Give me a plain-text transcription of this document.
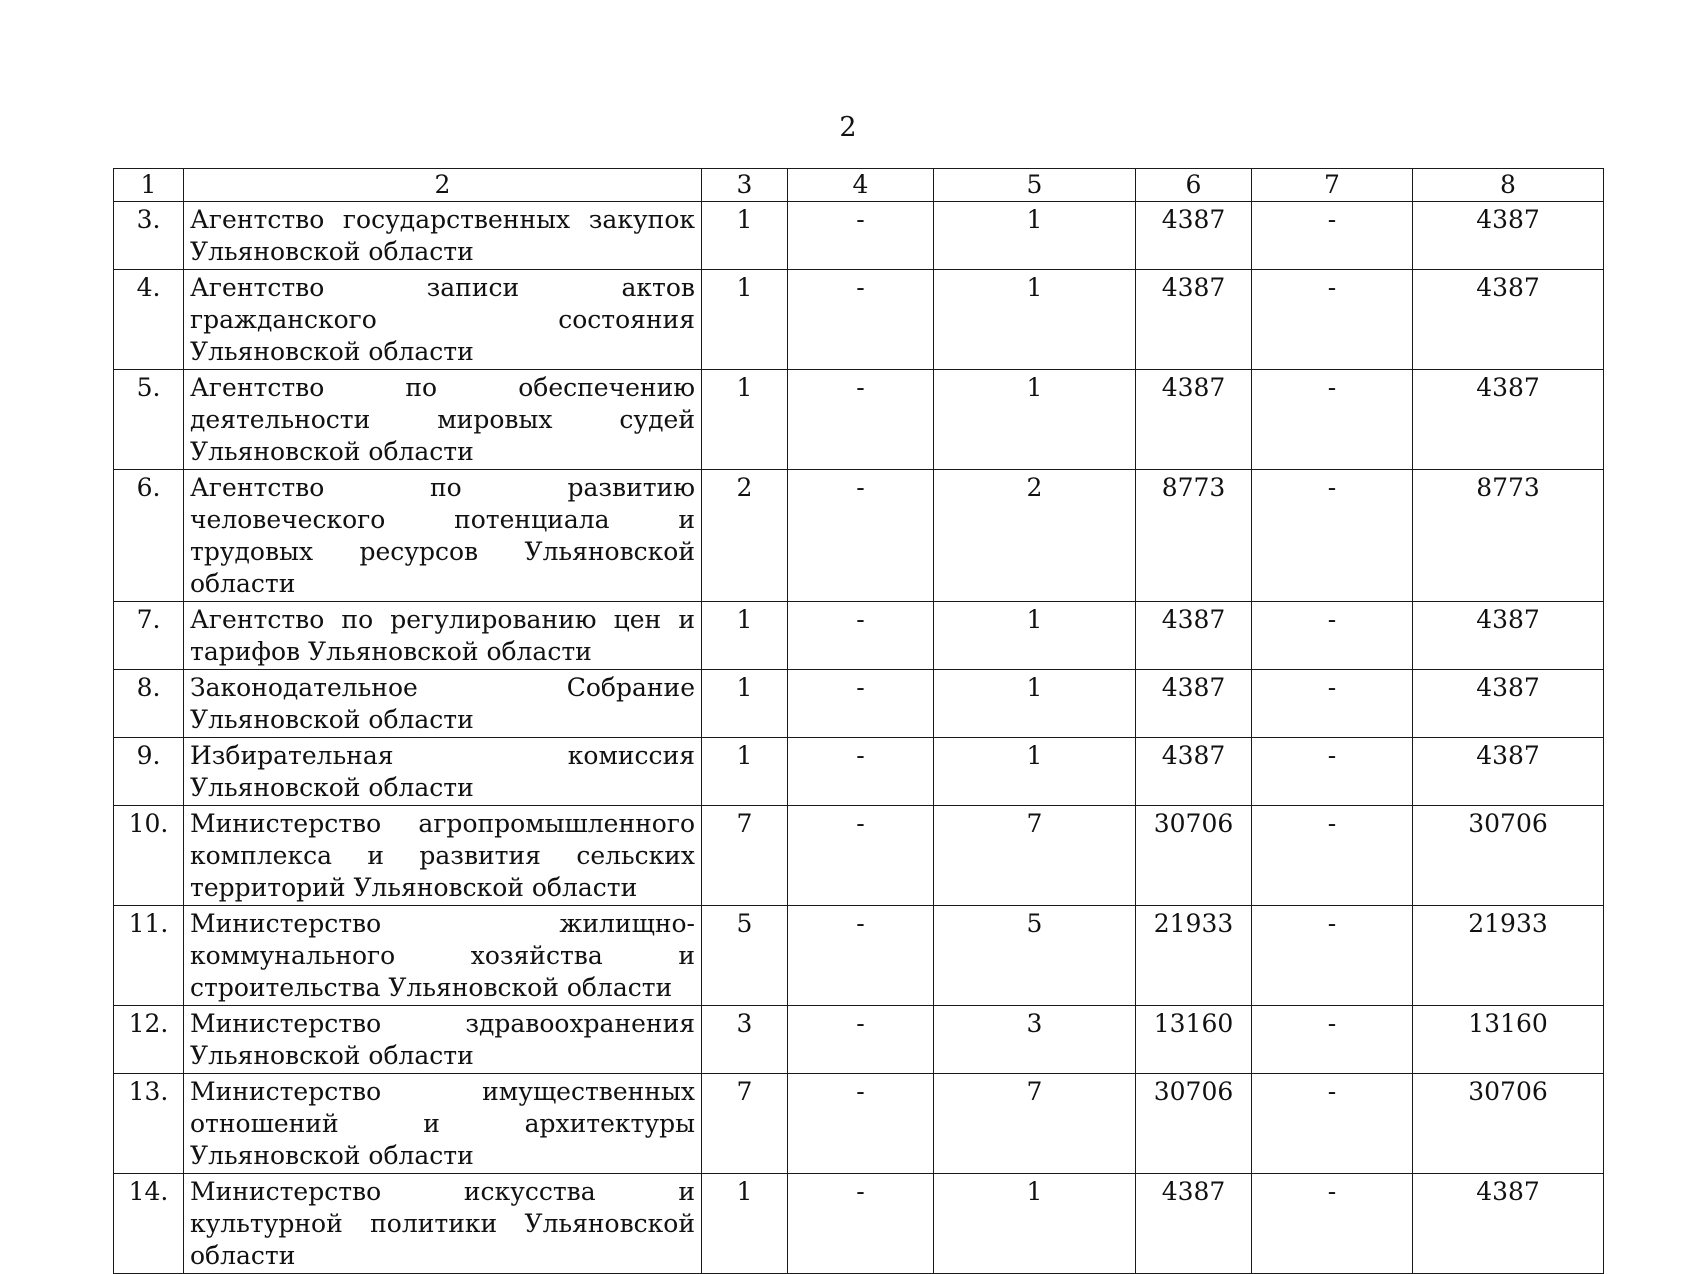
2
1	2	3	4	5	6	7	8
3.	Агентство государственных закупок Ульяновской области	1	-	1	4387	-	4387
4.	Агентство записи актов гражданского состояния Ульяновской области	1	-	1	4387	-	4387
5.	Агентство по обеспечению деятельности мировых судей Ульяновской области	1	-	1	4387	-	4387
6.	Агентство по развитию человеческого потенциала и трудовых ресурсов Ульяновской области	2	-	2	8773	-	8773
7.	Агентство по регулированию цен и тарифов Ульяновской области	1	-	1	4387	-	4387
8.	Законодательное Собрание Ульяновской области	1	-	1	4387	-	4387
9.	Избирательная комиссия Ульяновской области	1	-	1	4387	-	4387
10.	Министерство агропромышленного комплекса и развития сельских территорий Ульяновской области	7	-	7	30706	-	30706
11.	Министерство жилищно-коммунального хозяйства и строительства Ульяновской области	5	-	5	21933	-	21933
12.	Министерство здравоохранения Ульяновской области	3	-	3	13160	-	13160
13.	Министерство имущественных отношений и архитектуры Ульяновской области	7	-	7	30706	-	30706
14.	Министерство искусства и культурной политики Ульяновской области	1	-	1	4387	-	4387
